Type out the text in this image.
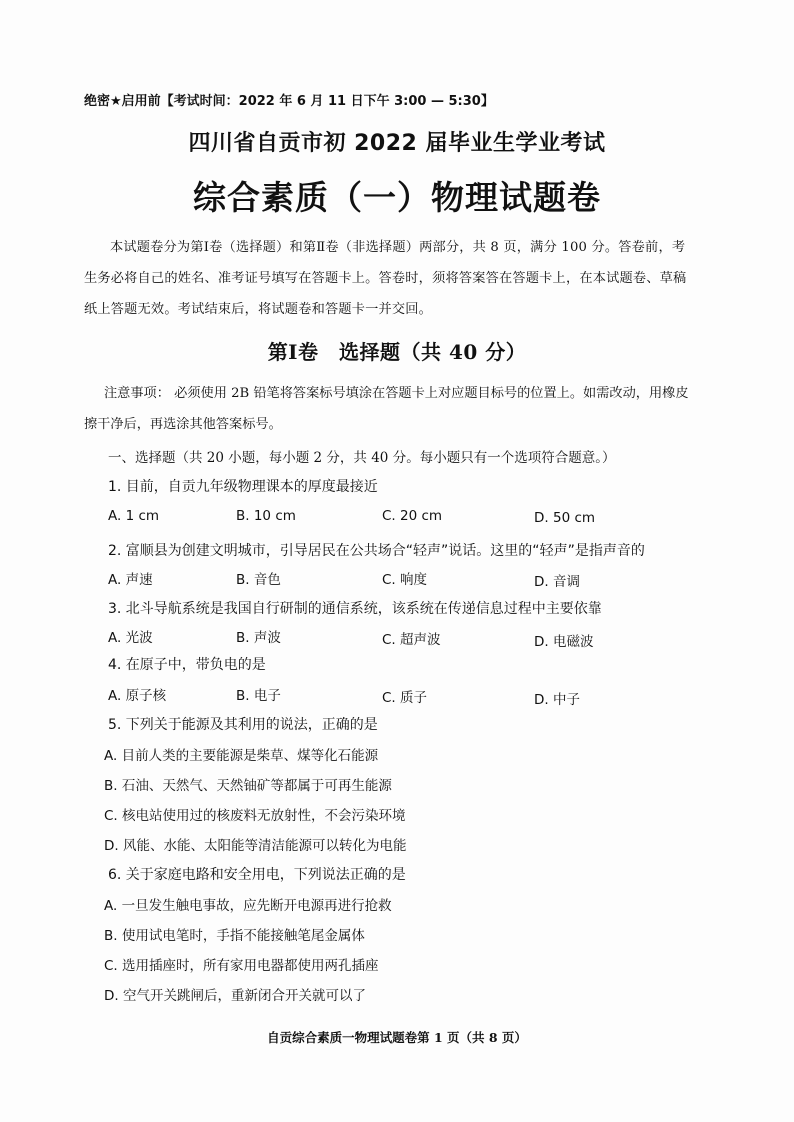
绝密★启用前【考试时间：2022 年 6 月 11 日下午 3:00 — 5:30】
四川省自贡市初 2022 届毕业生学业考试
综合素质（一）物理试题卷
本试题卷分为第Ⅰ卷（选择题）和第Ⅱ卷（非选择题）两部分，共 8 页，满分 100 分。答卷前，考生务必将自己的姓名、准考证号填写在答题卡上。答卷时，须将答案答在答题卡上，在本试题卷、草稿纸上答题无效。考试结束后，将试题卷和答题卡一并交回。
第Ⅰ卷　选择题（共 40 分）
注意事项： 必须使用 2B 铅笔将答案标号填涂在答题卡上对应题目标号的位置上。如需改动，用橡皮擦干净后，再选涂其他答案标号。
一、选择题（共 20 小题，每小题 2 分，共 40 分。每小题只有一个选项符合题意。）
1. 目前，自贡九年级物理课本的厚度最接近
A. 1 cm	B. 10 cm	C. 20 cm	D. 50 cm
2. 富顺县为创建文明城市，引导居民在公共场合“轻声”说话。这里的“轻声”是指声音的
A. 声速	B. 音色	C. 响度	D. 音调
3. 北斗导航系统是我国自行研制的通信系统，该系统在传递信息过程中主要依靠
A. 光波	B. 声波	C. 超声波	D. 电磁波
4. 在原子中，带负电的是
A. 原子核	B. 电子	C. 质子	D. 中子
5. 下列关于能源及其利用的说法，正确的是
A. 目前人类的主要能源是柴草、煤等化石能源
B. 石油、天然气、天然铀矿等都属于可再生能源
C. 核电站使用过的核废料无放射性，不会污染环境
D. 风能、水能、太阳能等清洁能源可以转化为电能
6. 关于家庭电路和安全用电，下列说法正确的是
A. 一旦发生触电事故，应先断开电源再进行抢救
B. 使用试电笔时，手指不能接触笔尾金属体
C. 选用插座时，所有家用电器都使用两孔插座
D. 空气开关跳闸后，重新闭合开关就可以了
自贡综合素质一物理试题卷第 1 页（共 8 页）
